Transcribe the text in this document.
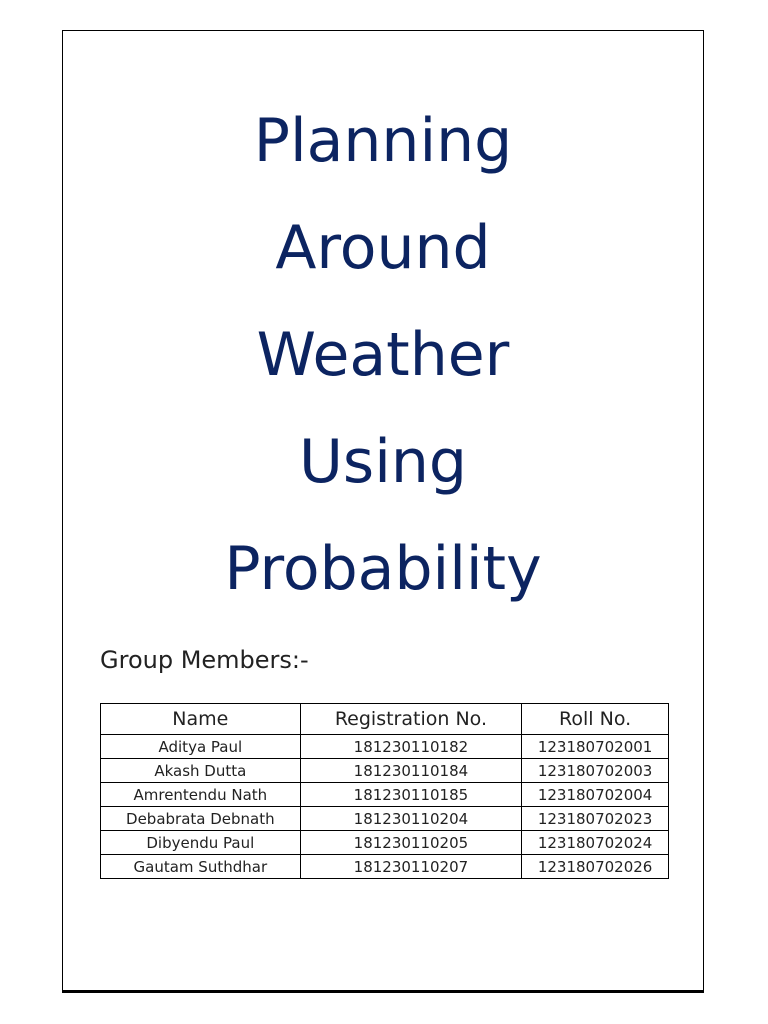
Planning
Around
Weather
Using
Probability
Group Members:-
Name	Registration No.	Roll No.
Aditya Paul	181230110182	123180702001
Akash Dutta	181230110184	123180702003
Amrentendu Nath	181230110185	123180702004
Debabrata Debnath	181230110204	123180702023
Dibyendu Paul	181230110205	123180702024
Gautam Suthdhar	181230110207	123180702026
